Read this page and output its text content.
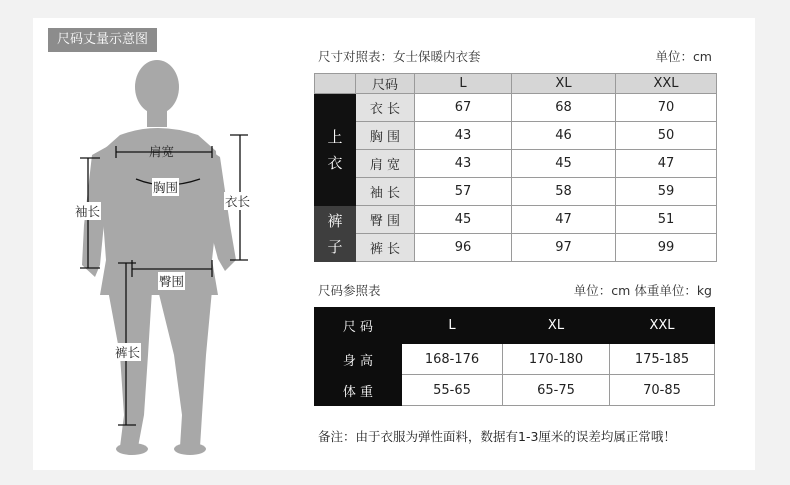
尺码丈量示意图
肩宽
胸围
袖长
衣长
臀围
裤长
尺寸对照表：女士保暖内衣套	单位：cm
	尺码	L	XL	XXL
上
衣	衣 长	67	68	70
	胸 围	43	46	50
	肩 宽	43	45	47
	袖 长	57	58	59
裤
子	臀 围	45	47	51
	裤 长	96	97	99
尺码参照表	单位：cm 体重单位：kg
尺 码	L	XL	XXL
身 高	168-176	170-180	175-185
体 重	55-65	65-75	70-85
备注：由于衣服为弹性面料，数据有1-3厘米的误差均属正常哦！
